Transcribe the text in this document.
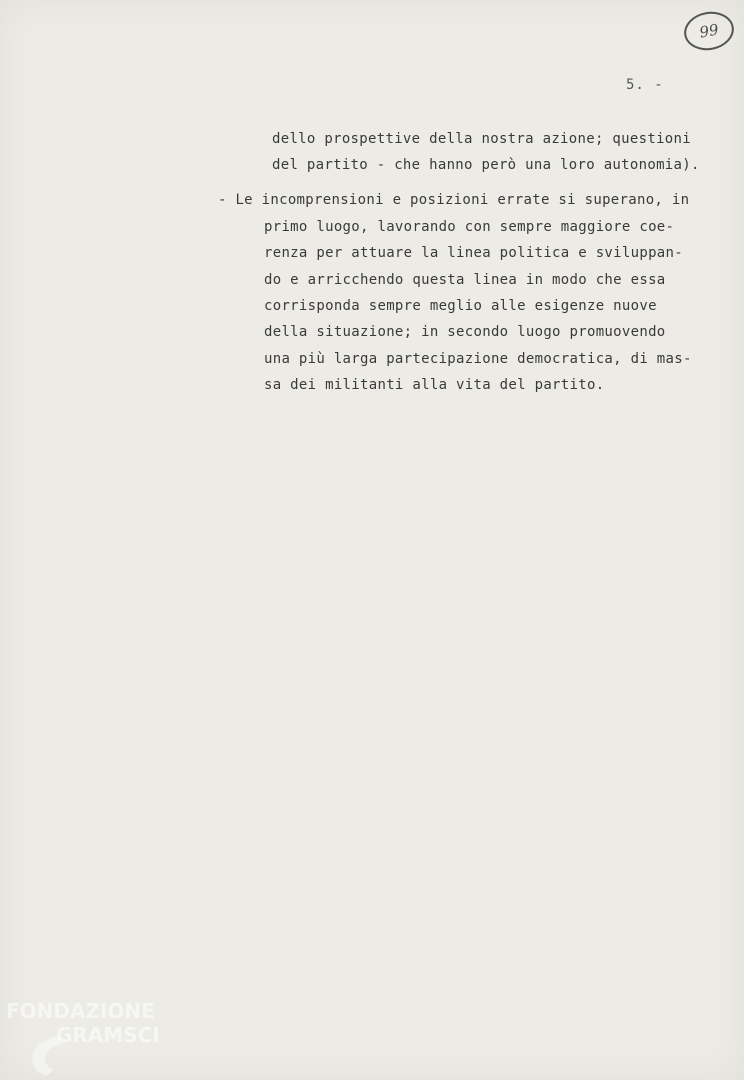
99
5. -
dello prospettive della nostra azione; questioni
del partito - che hanno però una loro autonomia).
- Le incomprensioni e posizioni errate si superano, in
primo luogo, lavorando con sempre maggiore coe-
renza per attuare la linea politica e sviluppan-
do e arricchendo questa linea in modo che essa
corrisponda sempre meglio alle esigenze nuove
della situazione; in secondo luogo promuovendo
una più larga partecipazione democratica, di mas-
sa dei militanti alla vita del partito.
FONDAZIONE
GRAMSCI
